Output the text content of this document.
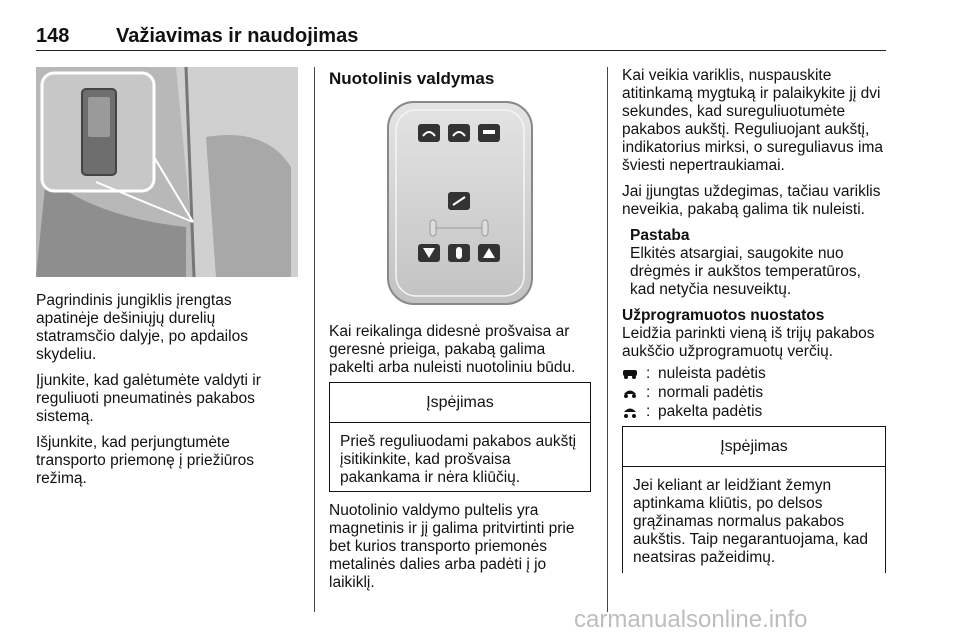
148 Važiavimas ir naudojimas

Pagrindinis jungiklis įrengtas apatinėje dešiniųjų durelių statramsčio dalyje, po apdailos skydeliu.

Įjunkite, kad galėtumėte valdyti ir reguliuoti pneumatinės pakabos sistemą.

Išjunkite, kad perjungtumėte transporto priemonę į priežiūros režimą.

Nuotolinis valdymas
Kai reikalinga didesnė prošvaisa ar geresnė prieiga, pakabą galima pakelti arba nuleisti nuotoliniu būdu.
Įspėjimas
Prieš reguliuodami pakabos aukštį įsitikinkite, kad prošvaisa pakankama ir nėra kliūčių.
Nuotolinio valdymo pultelis yra magnetinis ir jį galima pritvirtinti prie bet kurios transporto priemonės metalinės dalies arba padėti į jo laikiklį.

Kai veikia variklis, nuspauskite atitinkamą mygtuką ir palaikykite jį dvi sekundes, kad sureguliuotumėte pakabos aukštį. Reguliuojant aukštį, indikatorius mirksi, o sureguliavus ima šviesti nepertraukiamai.

Jai įjungtas uždegimas, tačiau variklis neveikia, pakabą galima tik nuleisti.

Pastaba
Elkitės atsargiai, saugokite nuo drėgmės ir aukštos temperatūros, kad netyčia nesuveiktų.
Užprogramuotos nuostatos
Leidžia parinkti vieną iš trijų pakabos aukščio užprogramuotų verčių.
: nuleista padėtis
: normali padėtis
: pakelta padėtis
Įspėjimas
Jei keliant ar leidžiant žemyn aptinkama kliūtis, po delsos grąžinamas normalus pakabos aukštis. Taip negarantuojama, kad neatsiras pažeidimų.
carmanualsonline.info
